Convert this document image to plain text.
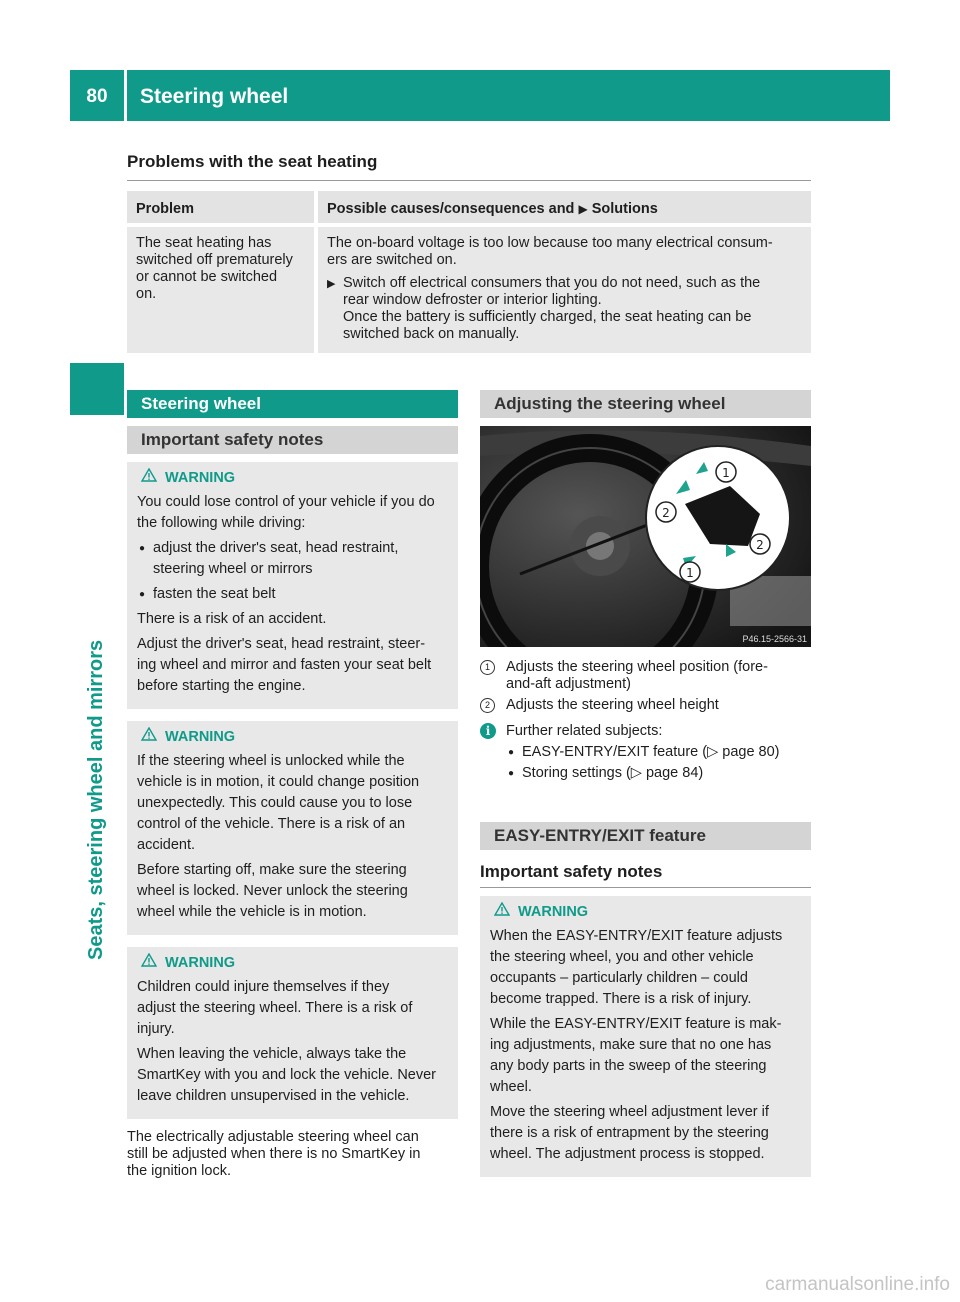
80	Steering wheel
Seats, steering wheel and mirrors
Problems with the seat heating
Problem	Possible causes/consequences and ▶ Solutions
The seat heating has
switched off prematurely
or cannot be switched
on.
The on-board voltage is too low because too many electrical consum-
ers are switched on.
▶ Switch off electrical consumers that you do not need, such as the
rear window defroster or interior lighting.
Once the battery is sufficiently charged, the seat heating can be
switched back on manually.
Steering wheel
Important safety notes
WARNING

You could lose control of your vehicle if you do
the following while driving:

● adjust the driver's seat, head restraint,
steering wheel or mirrors
● fasten the seat belt

There is a risk of an accident.

Adjust the driver's seat, head restraint, steer-
ing wheel and mirror and fasten your seat belt
before starting the engine.

WARNING

If the steering wheel is unlocked while the
vehicle is in motion, it could change position
unexpectedly. This could cause you to lose
control of the vehicle. There is a risk of an
accident.

Before starting off, make sure the steering
wheel is locked. Never unlock the steering
wheel while the vehicle is in motion.

WARNING

Children could injure themselves if they
adjust the steering wheel. There is a risk of
injury.

When leaving the vehicle, always take the
SmartKey with you and lock the vehicle. Never
leave children unsupervised in the vehicle.

The electrically adjustable steering wheel can
still be adjusted when there is no SmartKey in
the ignition lock.
Adjusting the steering wheel
1
2
2
1
P46.15-2566-31
1	Adjusts the steering wheel position (fore-
and-aft adjustment)
2	Adjusts the steering wheel height
i	Further related subjects:
● EASY-ENTRY/EXIT feature (▷ page 80)
● Storing settings (▷ page 84)
EASY-ENTRY/EXIT feature
Important safety notes
WARNING

When the EASY-ENTRY/EXIT feature adjusts
the steering wheel, you and other vehicle
occupants – particularly children – could
become trapped. There is a risk of injury.

While the EASY-ENTRY/EXIT feature is mak-
ing adjustments, make sure that no one has
any body parts in the sweep of the steering
wheel.

Move the steering wheel adjustment lever if
there is a risk of entrapment by the steering
wheel. The adjustment process is stopped.

carmanualsonline.info
